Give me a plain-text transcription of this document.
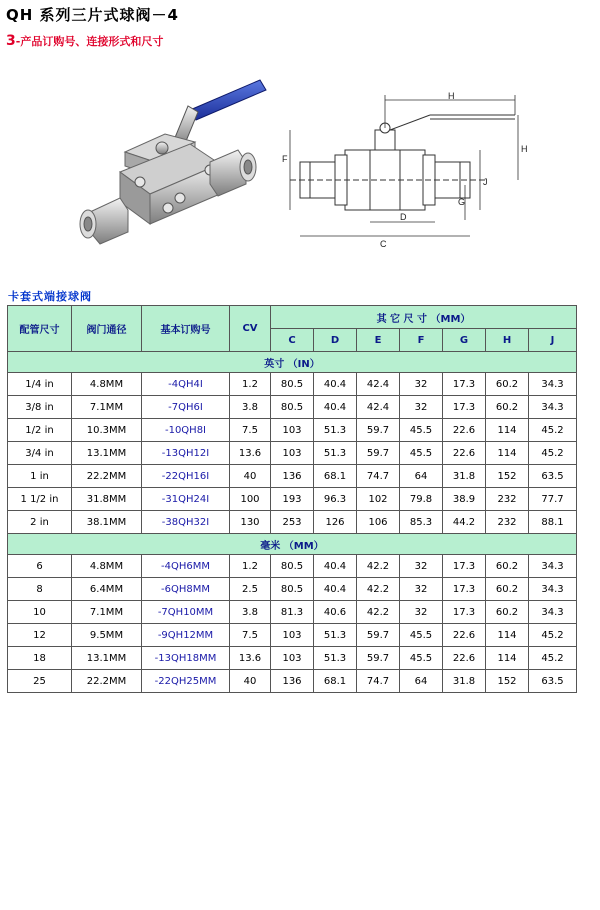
QH 系列三片式球阀－4
3-产品订购号、连接形式和尺寸
H
H
F
J
G
D
C
卡套式端接球阀
配管尺寸	阀门通径	基本订购号	CV	其 它 尺 寸 （MM）						
				C	D	E	F	G	H	J
英寸 （IN）										
1/4 in	4.8MM	-4QH4I	1.2	80.5	40.4	42.4	32	17.3	60.2	34.3
3/8 in	7.1MM	-7QH6I	3.8	80.5	40.4	42.4	32	17.3	60.2	34.3
1/2 in	10.3MM	-10QH8I	7.5	103	51.3	59.7	45.5	22.6	114	45.2
3/4 in	13.1MM	-13QH12I	13.6	103	51.3	59.7	45.5	22.6	114	45.2
1 in	22.2MM	-22QH16I	40	136	68.1	74.7	64	31.8	152	63.5
1 1/2 in	31.8MM	-31QH24I	100	193	96.3	102	79.8	38.9	232	77.7
2 in	38.1MM	-38QH32I	130	253	126	106	85.3	44.2	232	88.1
毫米 （MM）										
6	4.8MM	-4QH6MM	1.2	80.5	40.4	42.2	32	17.3	60.2	34.3
8	6.4MM	-6QH8MM	2.5	80.5	40.4	42.2	32	17.3	60.2	34.3
10	7.1MM	-7QH10MM	3.8	81.3	40.6	42.2	32	17.3	60.2	34.3
12	9.5MM	-9QH12MM	7.5	103	51.3	59.7	45.5	22.6	114	45.2
18	13.1MM	-13QH18MM	13.6	103	51.3	59.7	45.5	22.6	114	45.2
25	22.2MM	-22QH25MM	40	136	68.1	74.7	64	31.8	152	63.5
